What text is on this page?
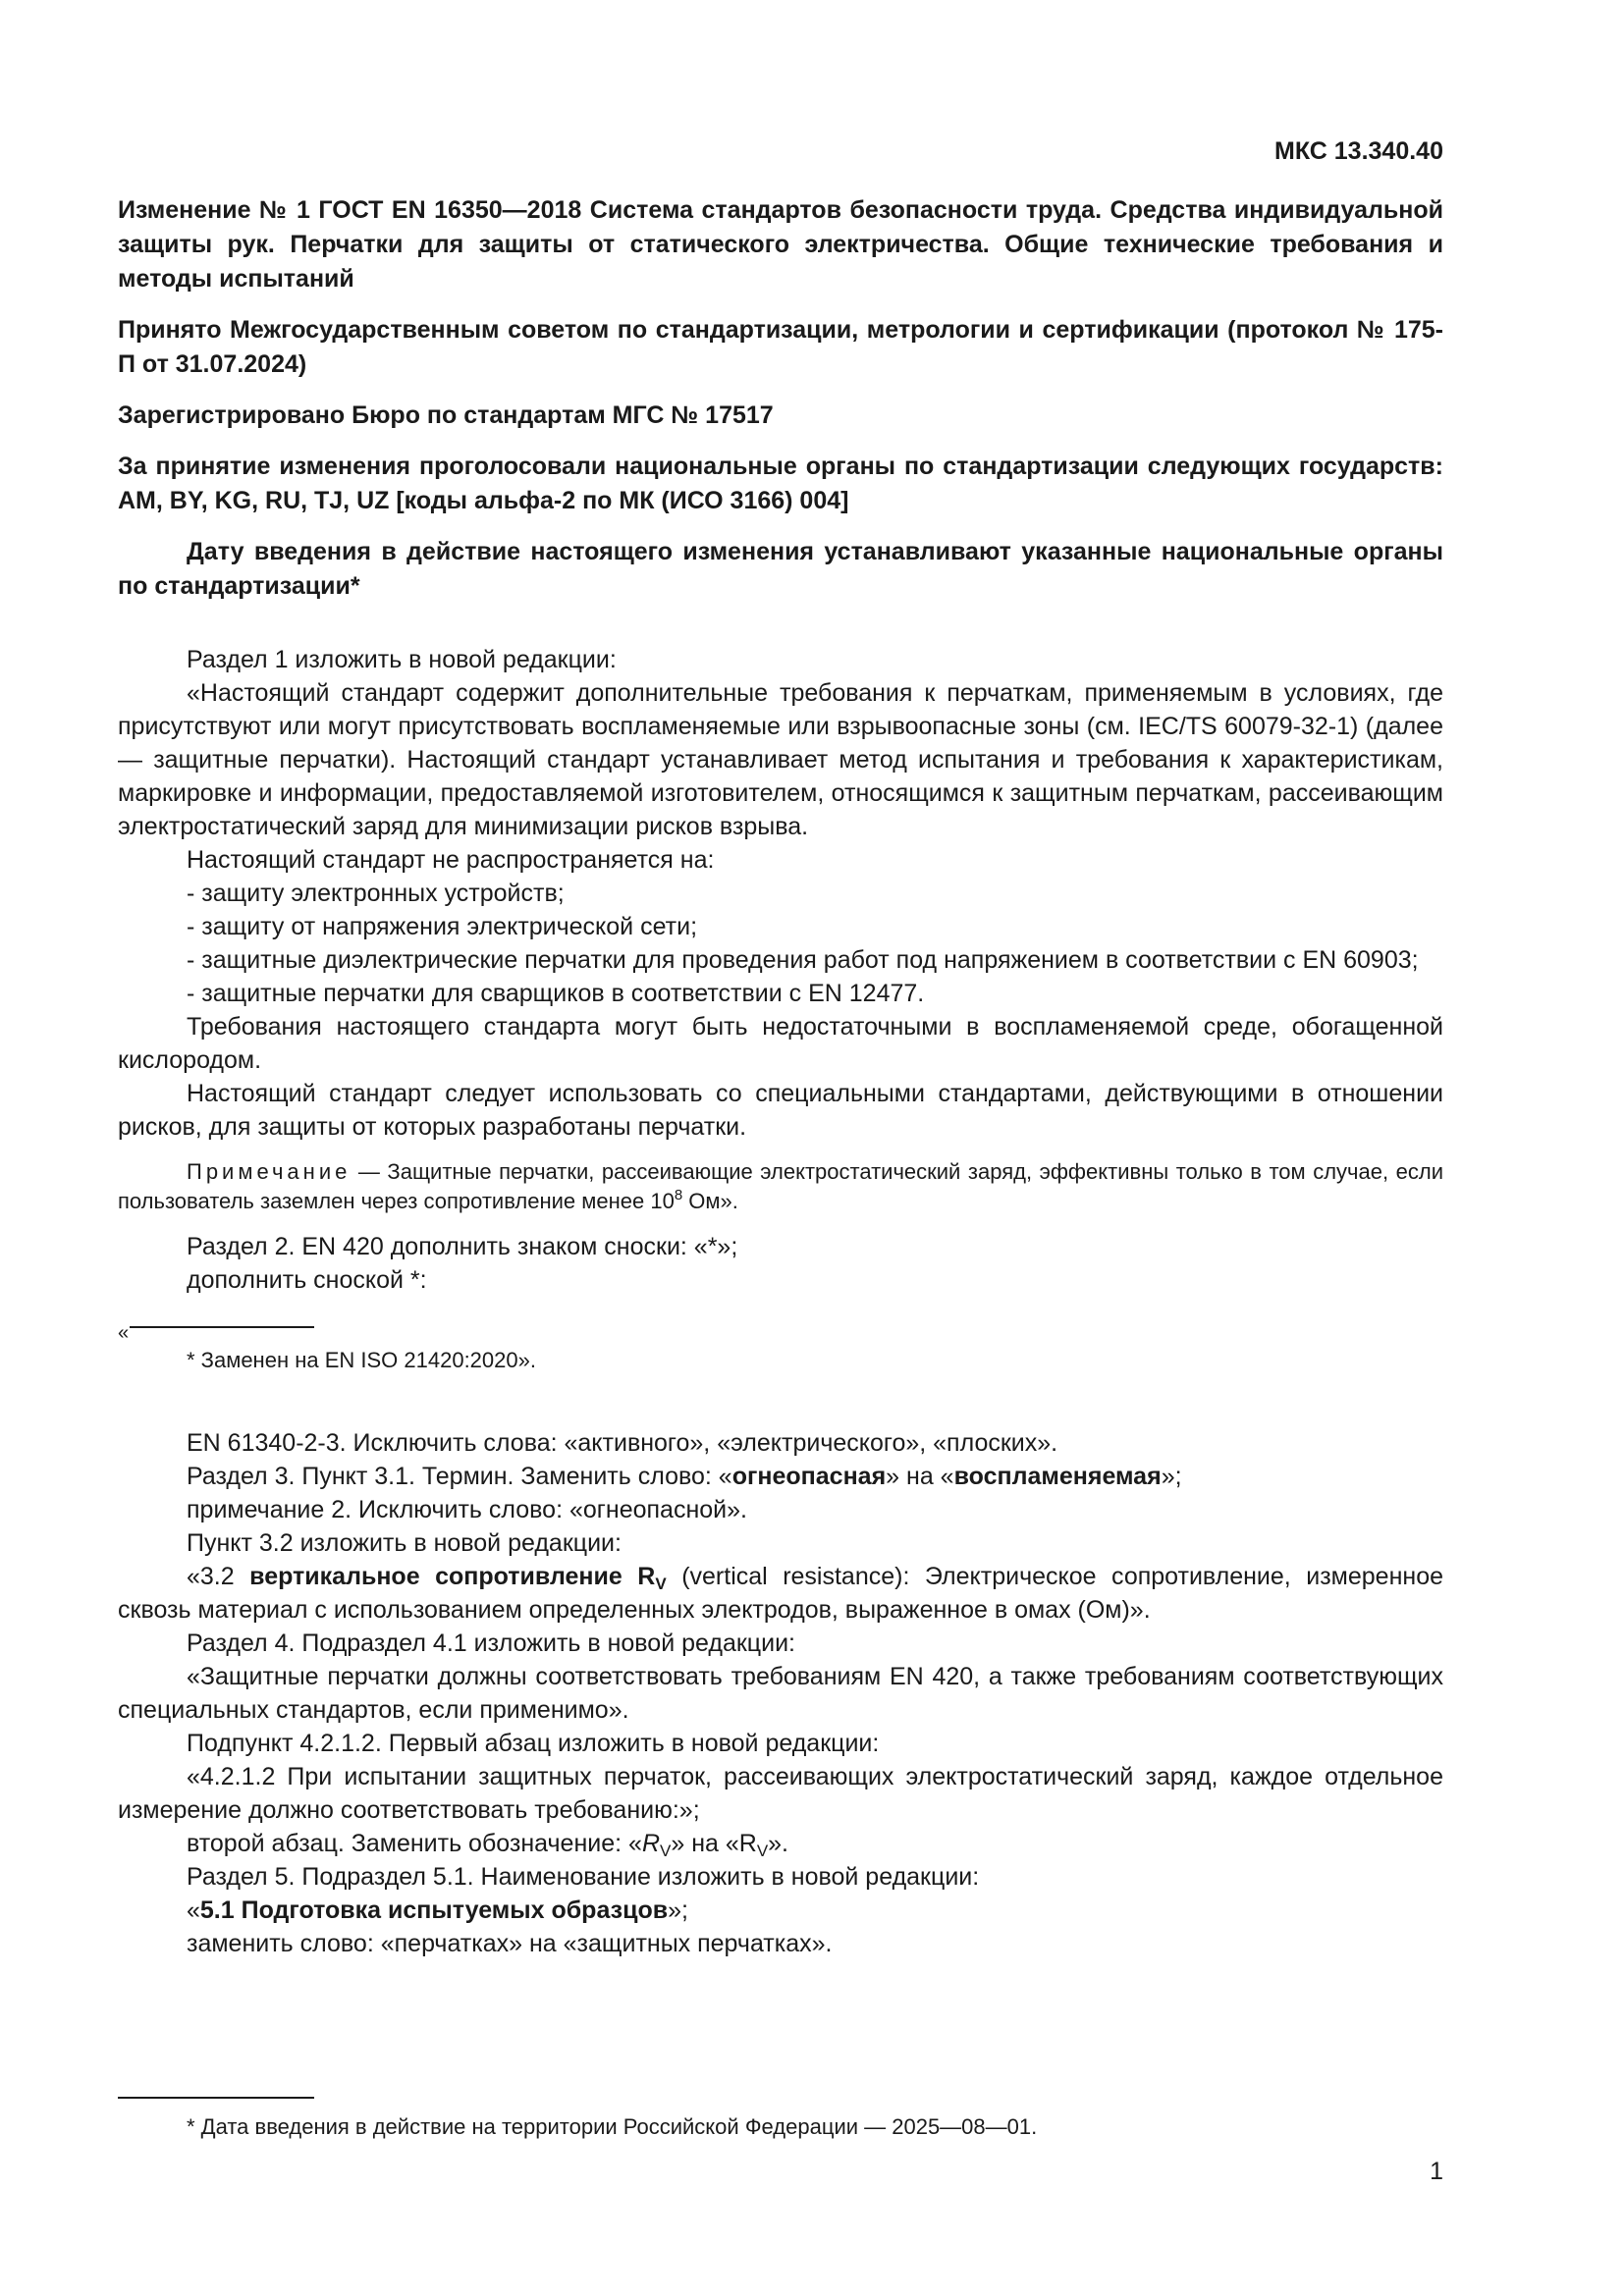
МКС 13.340.40

Изменение № 1 ГОСТ EN 16350—2018 Система стандартов безопасности труда. Средства индивидуальной защиты рук. Перчатки для защиты от статического электричества. Общие технические требования и методы испытаний

Принято Межгосударственным советом по стандартизации, метрологии и сертификации (протокол № 175-П от 31.07.2024)

Зарегистрировано Бюро по стандартам МГС № 17517

За принятие изменения проголосовали национальные органы по стандартизации следующих государств: AM, BY, KG, RU, TJ, UZ [коды альфа-2 по МК (ИСО 3166) 004]

Дату введения в действие настоящего изменения устанавливают указанные национальные органы по стандартизации*

Раздел 1 изложить в новой редакции:

«Настоящий стандарт содержит дополнительные требования к перчаткам, применяемым в условиях, где присутствуют или могут присутствовать воспламеняемые или взрывоопасные зоны (см. IEC/TS 60079-32-1) (далее — защитные перчатки). Настоящий стандарт устанавливает метод испытания и требования к характеристикам, маркировке и информации, предоставляемой изготовителем, относящимся к защитным перчаткам, рассеивающим электростатический заряд для минимизации рисков взрыва.

Настоящий стандарт не распространяется на:

- защиту электронных устройств;

- защиту от напряжения электрической сети;

- защитные диэлектрические перчатки для проведения работ под напряжением в соответствии с EN 60903;

- защитные перчатки для сварщиков в соответствии с EN 12477.

Требования настоящего стандарта могут быть недостаточными в воспламеняемой среде, обогащенной кислородом.

Настоящий стандарт следует использовать со специальными стандартами, действующими в отношении рисков, для защиты от которых разработаны перчатки.

Примечание — Защитные перчатки, рассеивающие электростатический заряд, эффективны только в том случае, если пользователь заземлен через сопротивление менее $10^8$ Ом».

Раздел 2. EN 420 дополнить знаком сноски: «*»;

дополнить сноской *:

«
* Заменен на EN ISO 21420:2020».

EN 61340-2-3. Исключить слова: «активного», «электрического», «плоских».

Раздел 3. Пункт 3.1. Термин. Заменить слово: «огнеопасная» на «воспламеняемая»;

примечание 2. Исключить слово: «огнеопасной».

Пункт 3.2 изложить в новой редакции:

«3.2 вертикальное сопротивление $R_V$ (vertical resistance): Электрическое сопротивление, измеренное сквозь материал с использованием определенных электродов, выраженное в омах (Ом)».

Раздел 4. Подраздел 4.1 изложить в новой редакции:

«Защитные перчатки должны соответствовать требованиям EN 420, а также требованиям соответствующих специальных стандартов, если применимо».

Подпункт 4.2.1.2. Первый абзац изложить в новой редакции:

«4.2.1.2 При испытании защитных перчаток, рассеивающих электростатический заряд, каждое отдельное измерение должно соответствовать требованию:»;

второй абзац. Заменить обозначение: «$R_V$» на «$R_V$».

Раздел 5. Подраздел 5.1. Наименование изложить в новой редакции:

«5.1 Подготовка испытуемых образцов»;

заменить слово: «перчатках» на «защитных перчатках».

* Дата введения в действие на территории Российской Федерации — 2025—08—01.
1
